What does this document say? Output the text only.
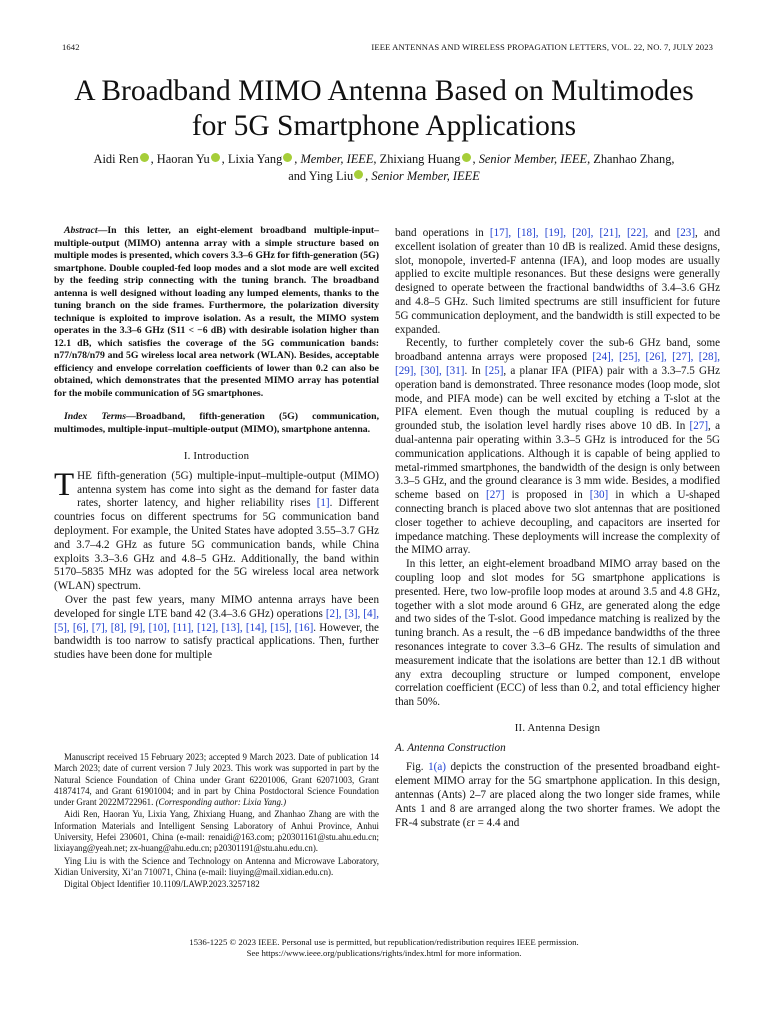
1642	IEEE ANTENNAS AND WIRELESS PROPAGATION LETTERS, VOL. 22, NO. 7, JULY 2023
A Broadband MIMO Antenna Based on Multimodes
for 5G Smartphone Applications
Aidi Ren , Haoran Yu , Lixia Yang , Member, IEEE, Zhixiang Huang , Senior Member, IEEE, Zhanhao Zhang,
and Ying Liu , Senior Member, IEEE

Abstract—In this letter, an eight-element broadband multiple-input–multiple-output (MIMO) antenna array with a simple structure based on multiple modes is presented, which covers 3.3–6 GHz for fifth-generation (5G) smartphone. Double coupled-fed loop modes and a slot mode are well excited by the feeding strip connecting with the tuning branch. The broadband antenna is well designed without loading any lumped elements, thanks to the tuning branch on the side frames. Furthermore, the polarization diversity technique is exploited to improve isolation. As a result, the MIMO system operates in the 3.3–6 GHz (S11 < −6 dB) with desirable isolation higher than 12.1 dB, which satisfies the coverage of the 5G communication bands: n77/n78/n79 and 5G wireless local area network (WLAN). Besides, acceptable efficiency and envelope correlation coefficients of lower than 0.2 can also be obtained, which demonstrates that the presented MIMO array has potential for the mobile communication of 5G smartphones.

Index Terms—Broadband, fifth-generation (5G) communication, multimodes, multiple-input–multiple-output (MIMO), smartphone antenna.

I. Introduction

THE fifth-generation (5G) multiple-input–multiple-output (MIMO) antenna system has come into sight as the demand for faster data rates, shorter latency, and higher reliability rises [1]. Different countries focus on different spectrums for 5G communication band deployment. For example, the United States have adopted 3.55–3.7 GHz and 3.7–4.2 GHz as future 5G communication bands, while China exploits 3.3–3.6 GHz and 4.8–5 GHz. Additionally, the band within 5170–5835 MHz was adopted for the 5G wireless local area network (WLAN) spectrum.

Over the past few years, many MIMO antenna arrays have been developed for single LTE band 42 (3.4–3.6 GHz) operations [2], [3], [4], [5], [6], [7], [8], [9], [10], [11], [12], [13], [14], [15], [16]. However, the bandwidth is too narrow to satisfy practical applications. Then, further studies have been done for multiple

Manuscript received 15 February 2023; accepted 9 March 2023. Date of publication 14 March 2023; date of current version 7 July 2023. This work was supported in part by the Natural Science Foundation of China under Grant 62201006, Grant 62071003, Grant 41874174, and Grant 61901004; and in part by China Postdoctoral Science Foundation under Grant 2022M722961. (Corresponding author: Lixia Yang.)

Aidi Ren, Haoran Yu, Lixia Yang, Zhixiang Huang, and Zhanhao Zhang are with the Information Materials and Intelligent Sensing Laboratory of Anhui Province, Anhui University, Hefei 230601, China (e-mail: renaidi@163.com; p20301161@stu.ahu.edu.cn; lixiayang@yeah.net; zx-huang@ahu.edu.cn; p20301191@stu.ahu.edu.cn).

Ying Liu is with the Science and Technology on Antenna and Microwave Laboratory, Xidian University, Xi’an 710071, China (e-mail: liuying@mail.xidian.edu.cn).

Digital Object Identifier 10.1109/LAWP.2023.3257182

band operations in [17], [18], [19], [20], [21], [22], and [23], and excellent isolation of greater than 10 dB is realized. Amid these designs, slot, monopole, inverted-F antenna (IFA), and loop modes are usually applied to excite multiple resonances. But these designs were generally designed to operate between the fractional bandwidths of 3.4–3.6 GHz and 4.8–5 GHz. Such limited spectrums are still insufficient for future 5G communication deployment, and the bandwidth is still expected to be expanded.

Recently, to further completely cover the sub-6 GHz band, some broadband antenna arrays were proposed [24], [25], [26], [27], [28], [29], [30], [31]. In [25], a planar IFA (PIFA) pair with a 3.3–7.5 GHz operation band is demonstrated. Three resonance modes (loop mode, slot mode, and PIFA mode) can be well excited by etching a T-slot at the PIFA element. Even though the mutual coupling is reduced by a grounded stub, the isolation level hardly rises above 10 dB. In [27], a dual-antenna pair operating within 3.3–5 GHz is introduced for the 5G communication applications. Although it is capable of being applied to metal-rimmed smartphones, the bandwidth of the design is only between 3.3–5 GHz, and the ground clearance is 3 mm wide. Besides, a modified scheme based on [27] is proposed in [30] in which a U-shaped connecting branch is placed above two slot antennas that are positioned closer together to achieve decoupling, and capacitors are inserted for impedance matching. These deployments will increase the complexity of the MIMO array.

In this letter, an eight-element broadband MIMO array based on the coupling loop and slot modes for 5G smartphone applications is presented. Here, two low-profile loop modes at around 3.5 and 4.8 GHz, together with a slot mode around 6 GHz, are generated along the edge and two sides of the T-slot. Good impedance matching is realized by the tuning branch. As a result, the −6 dB impedance bandwidths of the three resonances integrate to cover 3.3–6 GHz. The results of simulation and measurement indicate that the isolations are better than 12.1 dB without any extra decoupling structure or lumped component, envelope correlation coefficient (ECC) of less than 0.2, and total efficiency higher than 50%.

II. Antenna Design
A. Antenna Construction

Fig. 1(a) depicts the construction of the presented broadband eight-element MIMO array for the 5G smartphone application. In this design, antennas (Ants) 2–7 are placed along the two longer side frames, while Ants 1 and 8 are arranged along the two shorter frames. We adopt the FR-4 substrate (εr = 4.4 and

1536-1225 © 2023 IEEE. Personal use is permitted, but republication/redistribution requires IEEE permission.
See https://www.ieee.org/publications/rights/index.html for more information.
